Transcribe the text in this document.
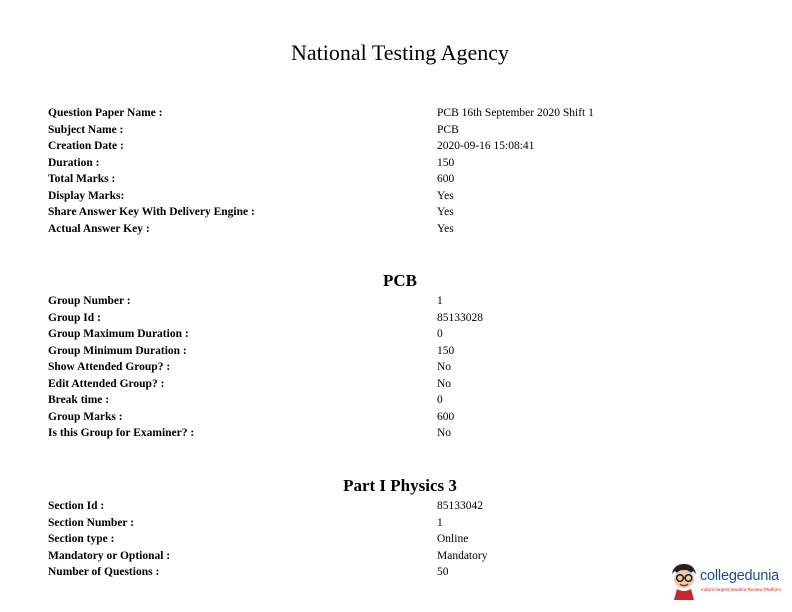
National Testing Agency
Question Paper Name :	PCB 16th September 2020 Shift 1
Subject Name :	PCB
Creation Date :	2020-09-16 15:08:41
Duration :	150
Total Marks :	600
Display Marks:	Yes
Share Answer Key With Delivery Engine :	Yes
Actual Answer Key :	Yes
PCB
Group Number :	1
Group Id :	85133028
Group Maximum Duration :	0
Group Minimum Duration :	150
Show Attended Group? :	No
Edit Attended Group? :	No
Break time :	0
Group Marks :	600
Is this Group for Examiner? :	No
Part I Physics 3
Section Id :	85133042
Section Number :	1
Section type :	Online
Mandatory or Optional :	Mandatory
Number of Questions :	50	collegedunia
India's largest Student Review Platform
